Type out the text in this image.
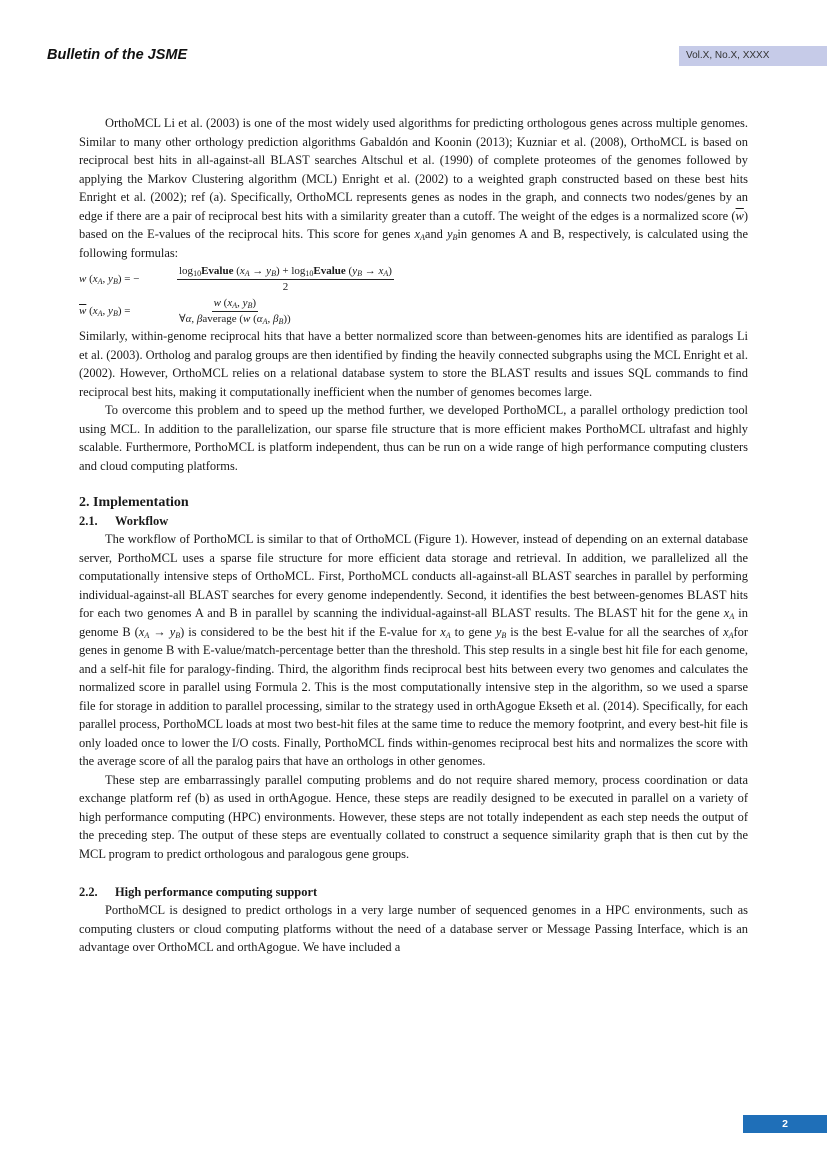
Bulletin of the JSME	Vol.X, No.X, XXXX

OrthoMCL Li et al. (2003) is one of the most widely used algorithms for predicting orthologous genes across multiple genomes. Similar to many other orthology prediction algorithms Gabaldón and Koonin (2013); Kuzniar et al. (2008), OrthoMCL is based on reciprocal best hits in all-against-all BLAST searches Altschul et al. (1990) of complete proteomes of the genomes followed by applying the Markov Clustering algorithm (MCL) Enright et al. (2002) to a weighted graph constructed based on these best hits Enright et al. (2002); ref (a). Specifically, OrthoMCL represents genes as nodes in the graph, and connects two nodes/genes by an edge if there are a pair of reciprocal best hits with a similarity greater than a cutoff. The weight of the edges is a normalized score $(\overline{w})$ based on the E-values of the reciprocal hits. This score for genes $x_Aand$ $y_Bin$ genomes A and B, respectively, is calculated using the following formulas:

w ($x_A$, $y_B$) = −	$\frac{\log_{10}Evalue (x_A \to y_B) + \log_{10}Evalue (y_B \to x_A)}{2}$
$\overline{w}$ ($x_A$, $y_B$) =	$\frac{w (x_A, y_B)}{\forall\alpha, \beta average (w (\alpha_A, \beta_B))}$

Similarly, within-genome reciprocal hits that have a better normalized score than between-genomes hits are identified as paralogs Li et al. (2003). Ortholog and paralog groups are then identified by finding the heavily connected subgraphs using the MCL Enright et al. (2002). However, OrthoMCL relies on a relational database system to store the BLAST results and issues SQL commands to find reciprocal best hits, making it computationally inefficient when the number of genomes becomes large.

To overcome this problem and to speed up the method further, we developed PorthoMCL, a parallel orthology prediction tool using MCL. In addition to the parallelization, our sparse file structure that is more efficient makes PorthoMCL ultrafast and highly scalable. Furthermore, PorthoMCL is platform independent, thus can be run on a wide range of high performance computing clusters and cloud computing platforms.

2. Implementation
2.1. Workflow

The workflow of PorthoMCL is similar to that of OrthoMCL (Figure 1). However, instead of depending on an external database server, PorthoMCL uses a sparse file structure for more efficient data storage and retrieval. In addition, we parallelized all the computationally intensive steps of OrthoMCL. First, PorthoMCL conducts all-against-all BLAST searches in parallel by performing individual-against-all BLAST searches for every genome independently. Second, it identifies the best between-genomes BLAST hits for each two genomes A and B in parallel by scanning the individual-against-all BLAST results. The BLAST hit for the gene $x_A$ in genome B $(x_A \to y_B)$ is considered to be the best hit if the E-value for $x_A$ to gene $y_B$ is the best E-value for all the searches of $x_Afor$ genes in genome B with E-value/match-percentage better than the threshold. This step results in a single best hit file for each genome, and a self-hit file for paralogy-finding. Third, the algorithm finds reciprocal best hits between every two genomes and calculates the normalized score in parallel using Formula 2. This is the most computationally intensive step in the algorithm, so we used a sparse file for storage in addition to parallel processing, similar to the strategy used in orthAgogue Ekseth et al. (2014). Specifically, for each parallel process, PorthoMCL loads at most two best-hit files at the same time to reduce the memory footprint, and every best-hit file is only loaded once to lower the I/O costs. Finally, PorthoMCL finds within-genomes reciprocal best hits and normalizes the score with the average score of all the paralog pairs that have an orthologs in other genomes.

These step are embarrassingly parallel computing problems and do not require shared memory, process coordination or data exchange platform ref (b) as used in orthAgogue. Hence, these steps are readily designed to be executed in parallel on a variety of high performance computing (HPC) environments. However, these steps are not totally independent as each step needs the output of the preceding step. The output of these steps are eventually collated to construct a sequence similarity graph that is then cut by the MCL program to predict orthologous and paralogous gene groups.

2.2. High performance computing support

PorthoMCL is designed to predict orthologs in a very large number of sequenced genomes in a HPC environments, such as computing clusters or cloud computing platforms without the need of a database server or Message Passing Interface, which is an advantage over OrthoMCL and orthAgogue. We have included a

2
